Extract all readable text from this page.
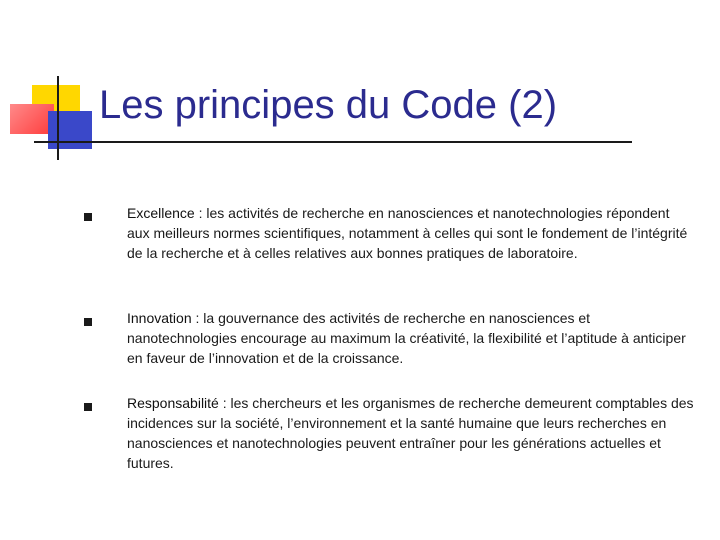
Les principes du Code (2)
Excellence : les activités de recherche en nanosciences et nanotechnologies répondent aux meilleurs normes scientifiques, notamment à celles qui sont le fondement de l’intégrité de la recherche et à celles relatives aux bonnes pratiques de laboratoire.
Innovation : la gouvernance des activités de recherche en nanosciences et nanotechnologies encourage au maximum la créativité, la flexibilité et l’aptitude à anticiper en faveur de l’innovation et de la croissance.
Responsabilité : les chercheurs et les organismes de recherche demeurent comptables des incidences sur la société, l’environnement et la santé humaine que leurs recherches en nanosciences et nanotechnologies peuvent entraîner pour les générations actuelles et futures.
